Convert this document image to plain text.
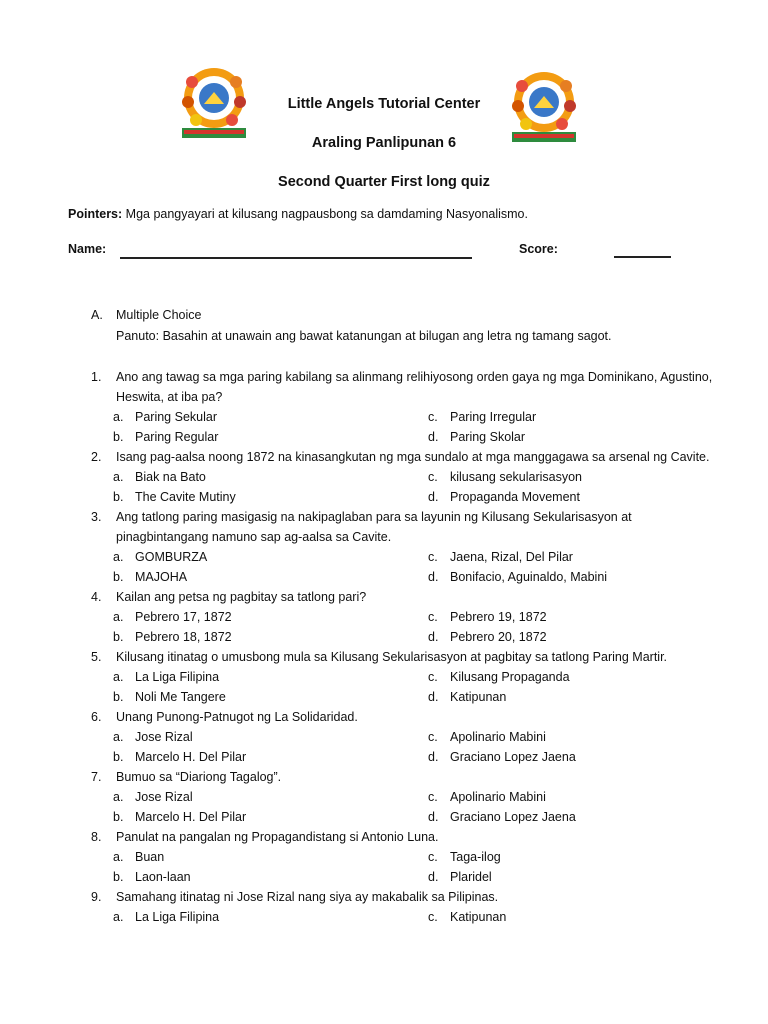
Little Angels Tutorial Center
Araling Panlipunan 6
Second Quarter First long quiz
Pointers: Mga pangyayari at kilusang nagpausbong sa damdaming Nasyonalismo.
Name:	Score:
A. Multiple Choice
Panuto: Basahin at unawain ang bawat katanungan at bilugan ang letra ng tamang sagot.
1. Ano ang tawag sa mga paring kabilang sa alinmang relihiyosong orden gaya ng mga Dominikano, Agustino, Heswita, at iba pa?
a. Paring Sekular
b. Paring Regular
c. Paring Irregular
d. Paring Skolar
2. Isang pag-aalsa noong 1872 na kinasangkutan ng mga sundalo at mga manggagawa sa arsenal ng Cavite.
a. Biak na Bato
b. The Cavite Mutiny
c. kilusang sekularisasyon
d. Propaganda Movement
3. Ang tatlong paring masigasig na nakipaglaban para sa layunin ng Kilusang Sekularisasyon at pinagbintangang namuno sap ag-aalsa sa Cavite.
a. GOMBURZA
b. MAJOHA
c. Jaena, Rizal, Del Pilar
d. Bonifacio, Aguinaldo, Mabini
4. Kailan ang petsa ng pagbitay sa tatlong pari?
a. Pebrero 17, 1872
b. Pebrero 18, 1872
c. Pebrero 19, 1872
d. Pebrero 20, 1872
5. Kilusang itinatag o umusbong mula sa Kilusang Sekularisasyon at pagbitay sa tatlong Paring Martir.
a. La Liga Filipina
b. Noli Me Tangere
c. Kilusang Propaganda
d. Katipunan
6. Unang Punong-Patnugot ng La Solidaridad.
a. Jose Rizal
b. Marcelo H. Del Pilar
c. Apolinario Mabini
d. Graciano Lopez Jaena
7. Bumuo sa “Diariong Tagalog”.
a. Jose Rizal
b. Marcelo H. Del Pilar
c. Apolinario Mabini
d. Graciano Lopez Jaena
8. Panulat na pangalan ng Propagandistang si Antonio Luna.
a. Buan
b. Laon-laan
c. Taga-ilog
d. Plaridel
9. Samahang itinatag ni Jose Rizal nang siya ay makabalik sa Pilipinas.
a. La Liga Filipina	c. Katipunan
